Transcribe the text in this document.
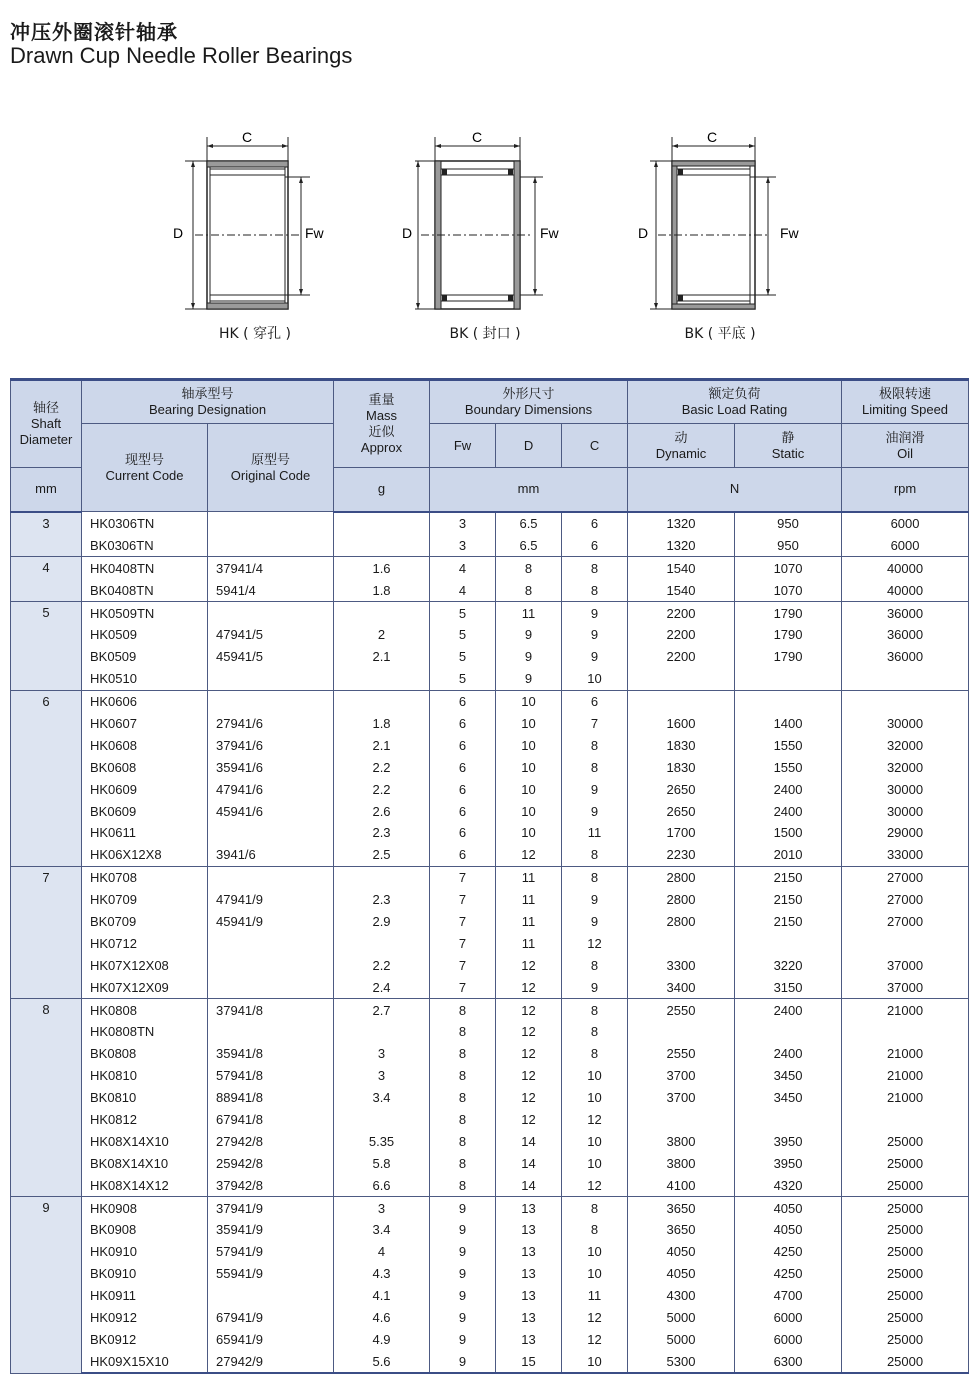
冲压外圈滚针轴承
Drawn Cup Needle Roller Bearings
C
D	Fw
HK ( 穿孔 )
C
D	Fw
BK ( 封口 )
C
D	Fw
BK ( 平底 )
轴径
Shaft
Diameter	轴承型号
Bearing Designation		重量
Mass
近似
Approx	外形尺寸
Boundary Dimensions			额定负荷
Basic Load Rating		极限转速
Limiting Speed
	现型号
Current Code	原型号
Original Code		Fw	D	C	动
Dynamic	静
Static	油润滑
Oil
mm			g	mm			N		rpm
3	HK0306TN			3	6.5	6	1320	950	6000
	BK0306TN			3	6.5	6	1320	950	6000
4	HK0408TN	37941/4	1.6	4	8	8	1540	1070	40000
	BK0408TN	5941/4	1.8	4	8	8	1540	1070	40000
5	HK0509TN			5	11	9	2200	1790	36000
	HK0509	47941/5	2	5	9	9	2200	1790	36000
	BK0509	45941/5	2.1	5	9	9	2200	1790	36000
	HK0510			5	9	10			
6	HK0606			6	10	6			
	HK0607	27941/6	1.8	6	10	7	1600	1400	30000
	HK0608	37941/6	2.1	6	10	8	1830	1550	32000
	BK0608	35941/6	2.2	6	10	8	1830	1550	32000
	HK0609	47941/6	2.2	6	10	9	2650	2400	30000
	BK0609	45941/6	2.6	6	10	9	2650	2400	30000
	HK0611		2.3	6	10	11	1700	1500	29000
	HK06X12X8	3941/6	2.5	6	12	8	2230	2010	33000
7	HK0708			7	11	8	2800	2150	27000
	HK0709	47941/9	2.3	7	11	9	2800	2150	27000
	BK0709	45941/9	2.9	7	11	9	2800	2150	27000
	HK0712			7	11	12			
	HK07X12X08		2.2	7	12	8	3300	3220	37000
	HK07X12X09		2.4	7	12	9	3400	3150	37000
8	HK0808	37941/8	2.7	8	12	8	2550	2400	21000
	HK0808TN			8	12	8			
	BK0808	35941/8	3	8	12	8	2550	2400	21000
	HK0810	57941/8	3	8	12	10	3700	3450	21000
	BK0810	88941/8	3.4	8	12	10	3700	3450	21000
	HK0812	67941/8		8	12	12			
	HK08X14X10	27942/8	5.35	8	14	10	3800	3950	25000
	BK08X14X10	25942/8	5.8	8	14	10	3800	3950	25000
	HK08X14X12	37942/8	6.6	8	14	12	4100	4320	25000
9	HK0908	37941/9	3	9	13	8	3650	4050	25000
	BK0908	35941/9	3.4	9	13	8	3650	4050	25000
	HK0910	57941/9	4	9	13	10	4050	4250	25000
	BK0910	55941/9	4.3	9	13	10	4050	4250	25000
	HK0911		4.1	9	13	11	4300	4700	25000
	HK0912	67941/9	4.6	9	13	12	5000	6000	25000
	BK0912	65941/9	4.9	9	13	12	5000	6000	25000
	HK09X15X10	27942/9	5.6	9	15	10	5300	6300	25000
